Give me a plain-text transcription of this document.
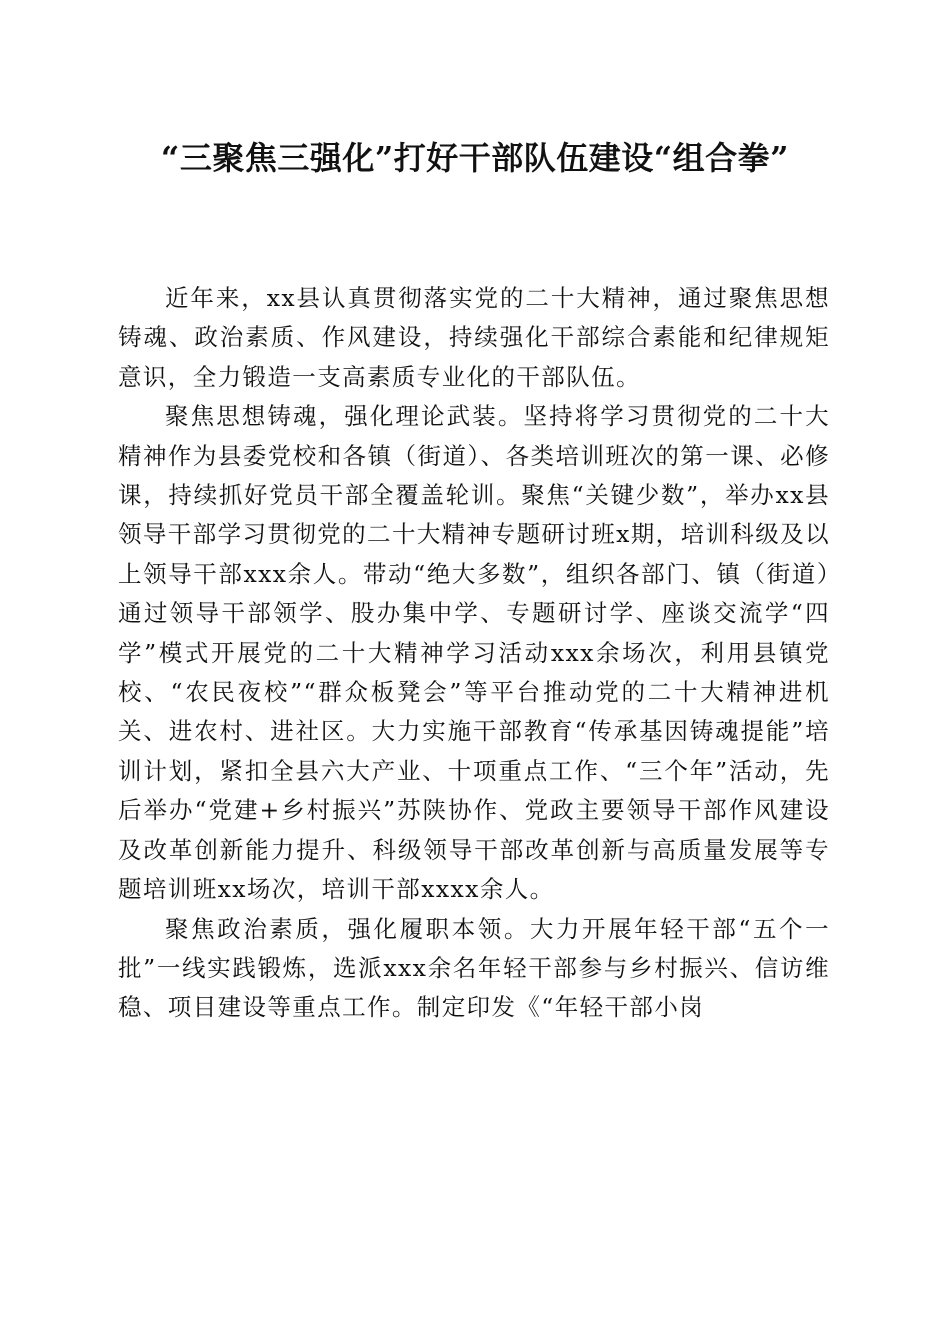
“三聚焦三强化”打好干部队伍建设“组合拳”

近年来，xx县认真贯彻落实党的二十大精神，通过聚焦思想铸魂、政治素质、作风建设，持续强化干部综合素能和纪律规矩意识，全力锻造一支高素质专业化的干部队伍。

聚焦思想铸魂，强化理论武装。坚持将学习贯彻党的二十大精神作为县委党校和各镇（街道）、各类培训班次的第一课、必修课，持续抓好党员干部全覆盖轮训。聚焦“关键少数”，举办xx县领导干部学习贯彻党的二十大精神专题研讨班x期，培训科级及以上领导干部xxx余人。带动“绝大多数”，组织各部门、镇（街道）通过领导干部领学、股办集中学、专题研讨学、座谈交流学“四学”模式开展党的二十大精神学习活动xxx余场次，利用县镇党校、“农民夜校”“群众板凳会”等平台推动党的二十大精神进机关、进农村、进社区。大力实施干部教育“传承基因铸魂提能”培训计划，紧扣全县六大产业、十项重点工作、“三个年”活动，先后举办“党建+乡村振兴”苏陕协作、党政主要领导干部作风建设及改革创新能力提升、科级领导干部改革创新与高质量发展等专题培训班xx场次，培训干部xxxx余人。

聚焦政治素质，强化履职本领。大力开展年轻干部“五个一批”一线实践锻炼，选派xxx余名年轻干部参与乡村振兴、信访维稳、项目建设等重点工作。制定印发《“年轻干部小岗
